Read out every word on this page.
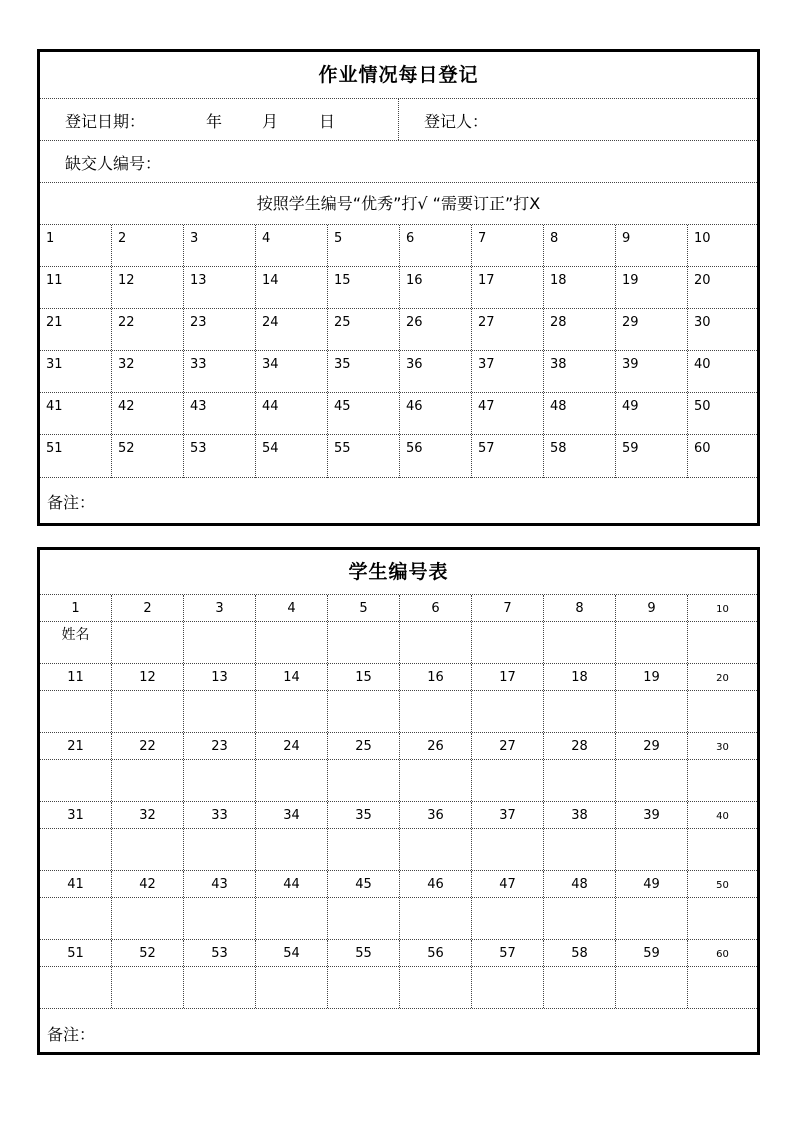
作业情况每日登记
登记日期：	年 月	日	登记人：
缺交人编号：
按照学生编号“优秀”打√ “需要订正”打X
1	2	3	4	5	6	7	8	9	10
11	12	13	14	15	16	17	18	19	20
21	22	23	24	25	26	27	28	29	30
31	32	33	34	35	36	37	38	39	40
41	42	43	44	45	46	47	48	49	50
51	52	53	54	55	56	57	58	59	60
备注：
学生编号表
1	2	3	4	5	6	7	8	9	10
姓名
11	12	13	14	15	16	17	18	19	20
21	22	23	24	25	26	27	28	29	30
31	32	33	34	35	36	37	38	39	40
41	42	43	44	45	46	47	48	49	50
51	52	53	54	55	56	57	58	59	60
备注：
